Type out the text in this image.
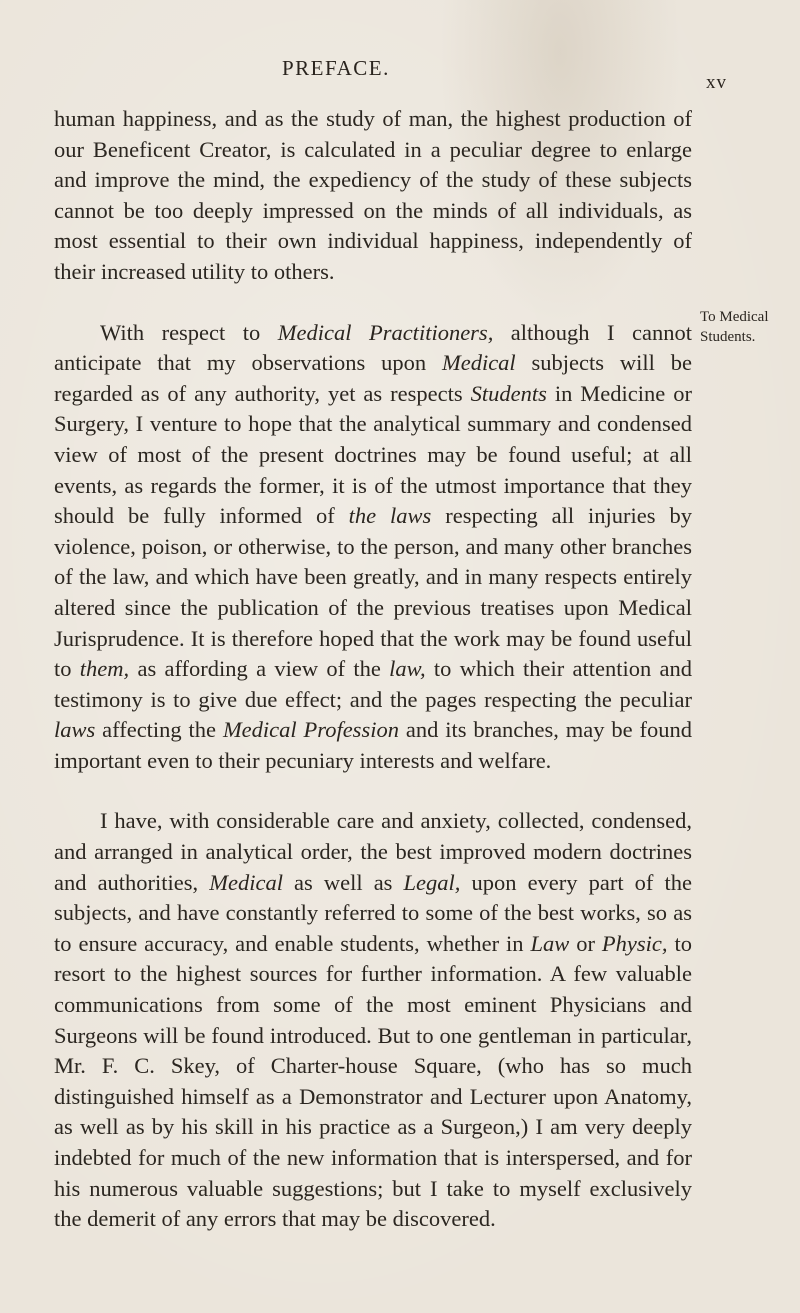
PREFACE.
xv

human happiness, and as the study of man, the highest production of our Beneficent Creator, is calculated in a peculiar degree to enlarge and improve the mind, the expediency of the study of these subjects cannot be too deeply impressed on the minds of all individuals, as most essential to their own individual happiness, independently of their increased utility to others.

With respect to Medical Practitioners, although I cannot anticipate that my observations upon Medical subjects will be regarded as of any authority, yet as respects Students in Medicine or Surgery, I venture to hope that the analytical summary and condensed view of most of the present doctrines may be found useful; at all events, as regards the former, it is of the utmost importance that they should be fully informed of the laws respecting all injuries by violence, poison, or otherwise, to the person, and many other branches of the law, and which have been greatly, and in many respects entirely altered since the publication of the previous treatises upon Medical Jurisprudence. It is therefore hoped that the work may be found useful to them, as affording a view of the law, to which their attention and testimony is to give due effect; and the pages respecting the peculiar laws affecting the Medical Profession and its branches, may be found important even to their pecuniary interests and welfare.

I have, with considerable care and anxiety, collected, condensed, and arranged in analytical order, the best improved modern doctrines and authorities, Medical as well as Legal, upon every part of the subjects, and have constantly referred to some of the best works, so as to ensure accuracy, and enable students, whether in Law or Physic, to resort to the highest sources for further information. A few valuable communications from some of the most eminent Physicians and Surgeons will be found introduced. But to one gentleman in particular, Mr. F. C. Skey, of Charter-house Square, (who has so much distinguished himself as a Demonstrator and Lecturer upon Anatomy, as well as by his skill in his practice as a Surgeon,) I am very deeply indebted for much of the new information that is interspersed, and for his numerous valuable suggestions; but I take to myself exclusively the demerit of any errors that may be discovered.

To Medical
Students.
